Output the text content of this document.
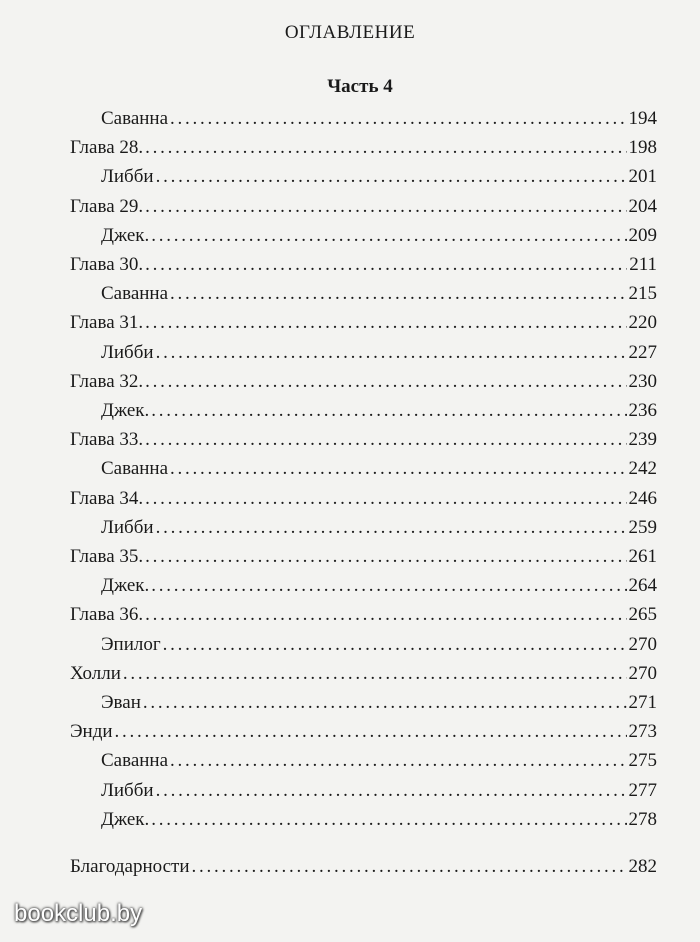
ОГЛАВЛЕНИЕ
Часть 4
Саванна . . .	194
Глава 28. . . .	198
Либби . . .	201
Глава 29. . . .	204
Джек. . . .	209
Глава 30. . . .	211
Саванна . . .	215
Глава 31. . . .	220
Либби . . .	227
Глава 32. . . .	230
Джек. . . .	236
Глава 33. . . .	239
Саванна . . .	242
Глава 34. . . .	246
Либби . . .	259
Глава 35. . . .	261
Джек. . . .	264
Глава 36. . . .	265
Эпилог . . .	270
Холли . . .	270
Эван . . .	271
Энди . . .	273
Саванна . . .	275
Либби . . .	277
Джек. . . .	278
Благодарности . . .	282
bookclub.by
